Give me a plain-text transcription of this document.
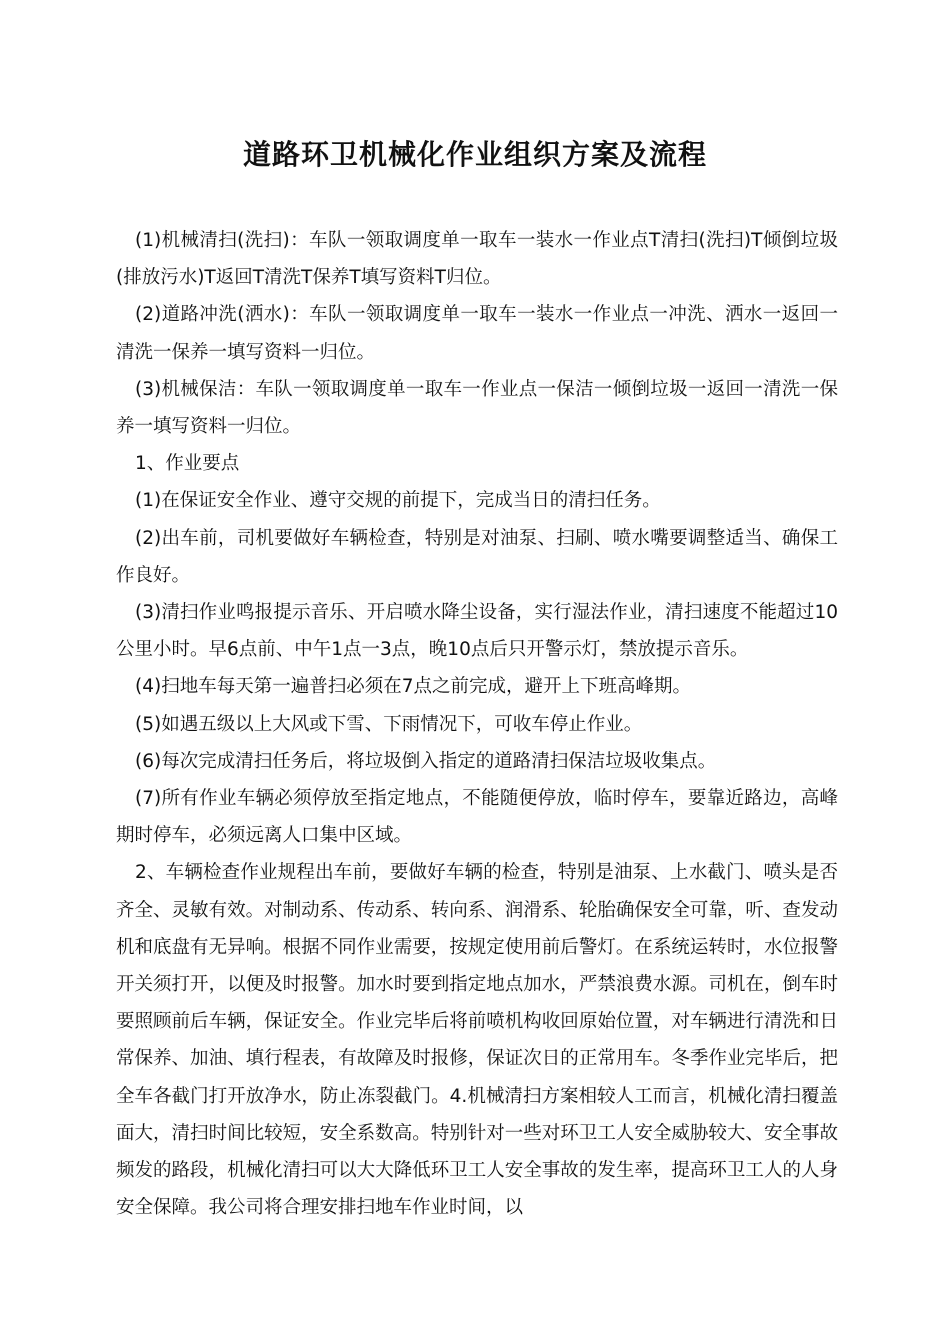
道路环卫机械化作业组织方案及流程

(1)机械清扫(洗扫)：车队一领取调度单一取车一装水一作业点T清扫(洗扫)T倾倒垃圾(排放污水)T返回T清洗T保养T填写资料T归位。

(2)道路冲洗(洒水)：车队一领取调度单一取车一装水一作业点一冲洗、洒水一返回一清洗一保养一填写资料一归位。

(3)机械保洁：车队一领取调度单一取车一作业点一保洁一倾倒垃圾一返回一清洗一保养一填写资料一归位。

1、作业要点

(1)在保证安全作业、遵守交规的前提下，完成当日的清扫任务。

(2)出车前，司机要做好车辆检查，特别是对油泵、扫刷、喷水嘴要调整适当、确保工作良好。

(3)清扫作业鸣报提示音乐、开启喷水降尘设备，实行湿法作业，清扫速度不能超过10公里小时。早6点前、中午1点一3点，晚10点后只开警示灯，禁放提示音乐。

(4)扫地车每天第一遍普扫必须在7点之前完成，避开上下班高峰期。

(5)如遇五级以上大风或下雪、下雨情况下，可收车停止作业。

(6)每次完成清扫任务后，将垃圾倒入指定的道路清扫保洁垃圾收集点。

(7)所有作业车辆必须停放至指定地点，不能随便停放，临时停车，要靠近路边，高峰期时停车，必须远离人口集中区域。

2、车辆检查作业规程出车前，要做好车辆的检查，特别是油泵、上水截门、喷头是否齐全、灵敏有效。对制动系、传动系、转向系、润滑系、轮胎确保安全可靠，听、查发动机和底盘有无异响。根据不同作业需要，按规定使用前后警灯。在系统运转时，水位报警开关须打开，以便及时报警。加水时要到指定地点加水，严禁浪费水源。司机在，倒车时要照顾前后车辆，保证安全。作业完毕后将前喷机构收回原始位置，对车辆进行清洗和日常保养、加油、填行程表，有故障及时报修，保证次日的正常用车。冬季作业完毕后，把全车各截门打开放净水，防止冻裂截门。4.机械清扫方案相较人工而言，机械化清扫覆盖面大，清扫时间比较短，安全系数高。特别针对一些对环卫工人安全威胁较大、安全事故频发的路段，机械化清扫可以大大降低环卫工人安全事故的发生率，提高环卫工人的人身安全保障。我公司将合理安排扫地车作业时间，以
